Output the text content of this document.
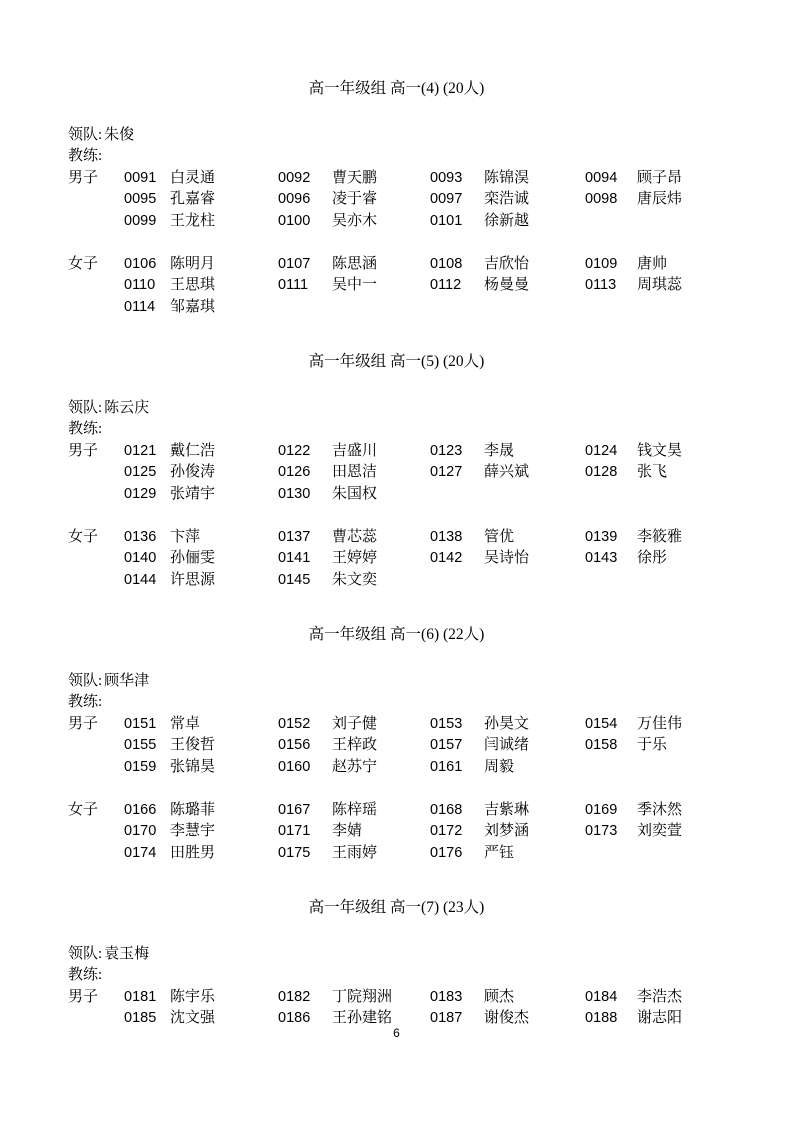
高一年级组 高一(4) (20人)
领队: 朱俊
教练:
男子	0091 白灵通	0092	曹天鹏	0093	陈锦淏	0094	顾子昂
0095 孔嘉睿	0096	凌于睿	0097	栾浩诚	0098	唐辰炜
0099 王龙柱	0100	吴亦木	0101	徐新越
女子	0106 陈明月	0107	陈思涵	0108	吉欣怡	0109	唐帅
0110 王思琪	0111	吴中一	0112	杨曼曼	0113	周琪蕊
0114 邹嘉琪
高一年级组 高一(5) (20人)
领队: 陈云庆
教练:
男子	0121 戴仁浩	0122	吉盛川	0123	李晟	0124	钱文昊
0125 孙俊涛	0126	田恩洁	0127	薛兴斌	0128	张飞
0129 张靖宇	0130	朱国权
女子	0136 卞萍	0137	曹芯蕊	0138	管优	0139	李筱雅
0140 孙俪雯	0141	王婷婷	0142	吴诗怡	0143	徐彤
0144 许思源	0145	朱文奕
高一年级组 高一(6) (22人)
领队: 顾华津
教练:
男子	0151 常卓	0152	刘子健	0153	孙昊文	0154	万佳伟
0155 王俊哲	0156	王梓政	0157	闫诚绪	0158	于乐
0159 张锦昊	0160	赵苏宁	0161	周毅
女子	0166 陈璐菲	0167	陈梓瑶	0168	吉紫琳	0169	季沐然
0170 李慧宇	0171	李婧	0172	刘梦涵	0173	刘奕萱
0174 田胜男	0175	王雨婷	0176	严钰
高一年级组 高一(7) (23人)
领队: 袁玉梅
教练:
男子	0181 陈宇乐	0182	丁院翔洲	0183	顾杰	0184	李浩杰
0185 沈文强	0186	王孙建铭	0187	谢俊杰	0188	谢志阳
6
